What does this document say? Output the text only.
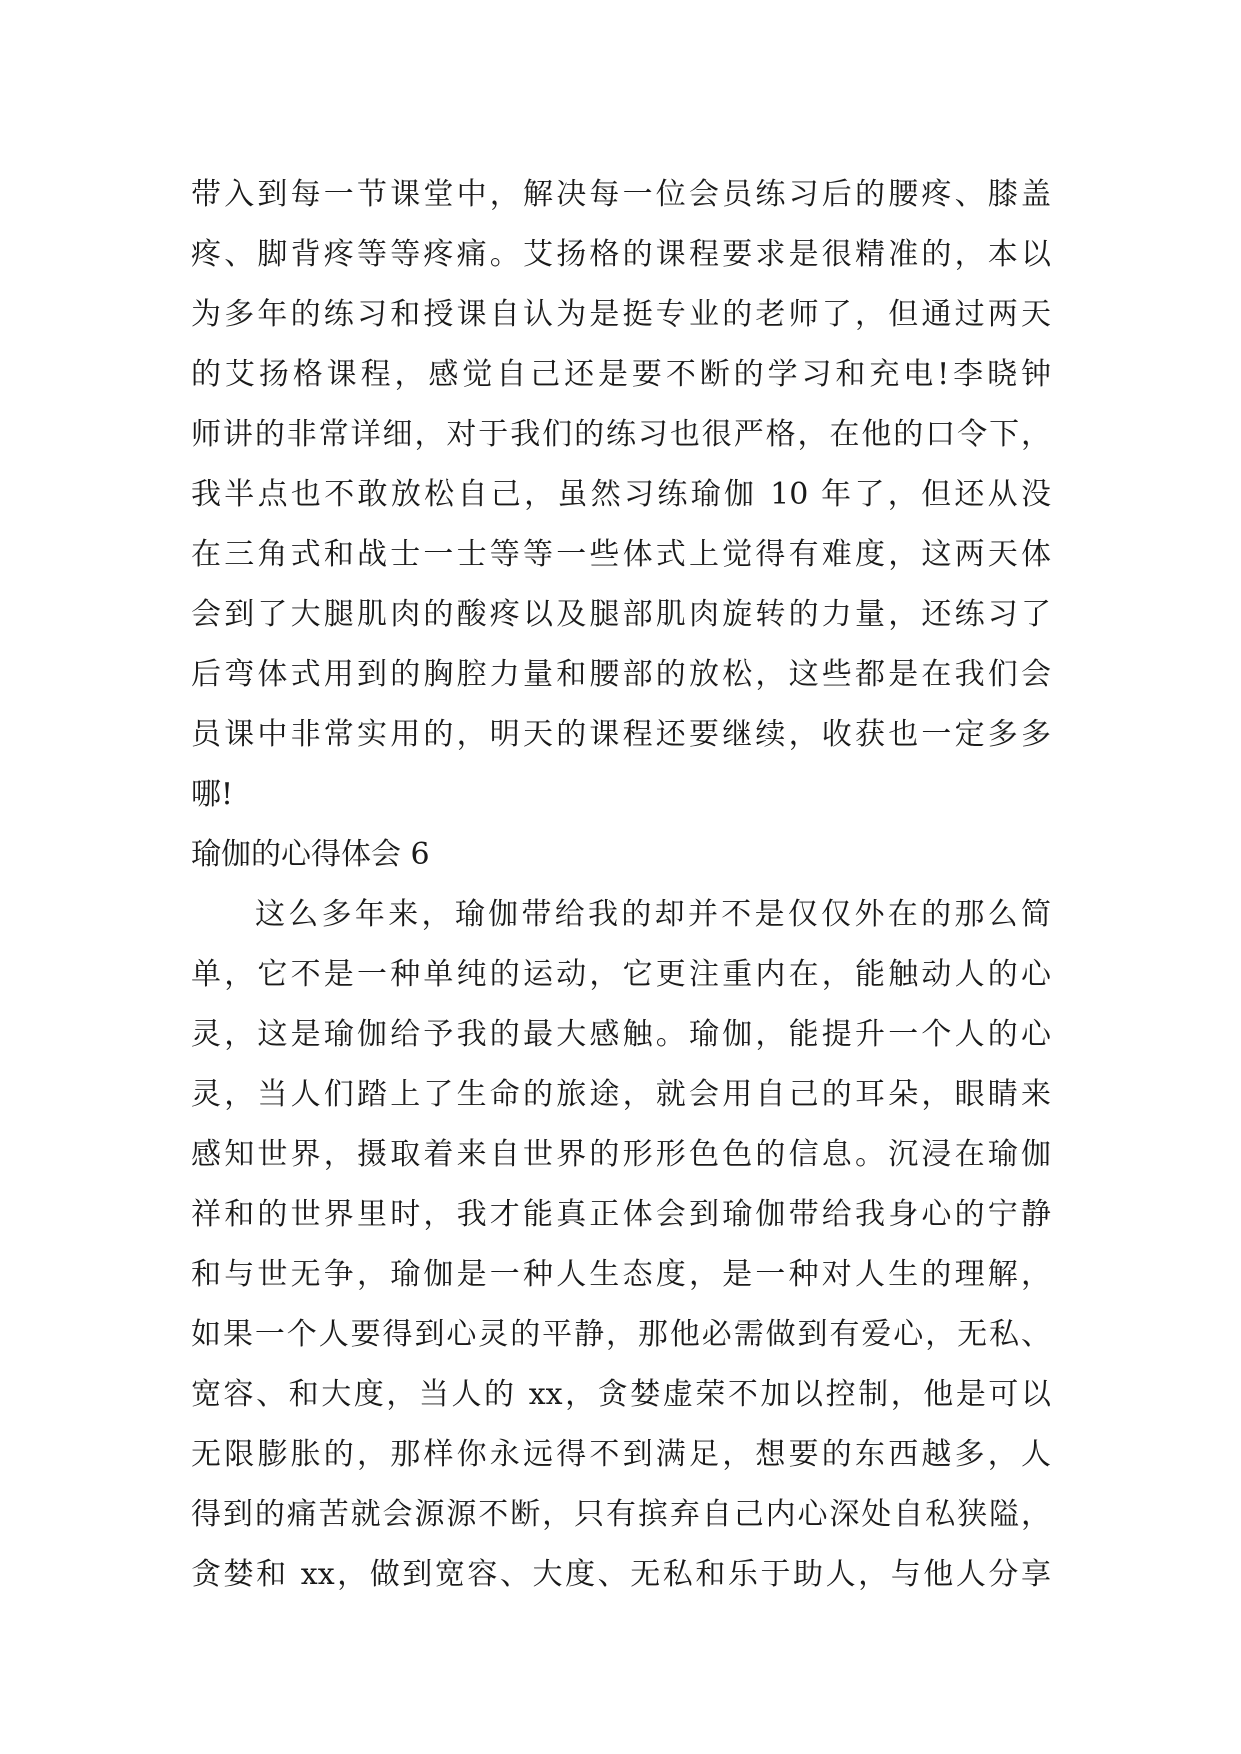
带入到每一节课堂中，解决每一位会员练习后的腰疼、膝盖
疼、脚背疼等等疼痛。艾扬格的课程要求是很精准的，本以
为多年的练习和授课自认为是挺专业的老师了，但通过两天
的艾扬格课程，感觉自己还是要不断的学习和充电!李晓钟
师讲的非常详细，对于我们的练习也很严格，在他的口令下，
我半点也不敢放松自己，虽然习练瑜伽 10 年了，但还从没
在三角式和战士一士等等一些体式上觉得有难度，这两天体
会到了大腿肌肉的酸疼以及腿部肌肉旋转的力量，还练习了
后弯体式用到的胸腔力量和腰部的放松，这些都是在我们会
员课中非常实用的，明天的课程还要继续，收获也一定多多
哪!
瑜伽的心得体会 6
这么多年来，瑜伽带给我的却并不是仅仅外在的那么简
单，它不是一种单纯的运动，它更注重内在，能触动人的心
灵，这是瑜伽给予我的最大感触。瑜伽，能提升一个人的心
灵，当人们踏上了生命的旅途，就会用自己的耳朵，眼睛来
感知世界，摄取着来自世界的形形色色的信息。沉浸在瑜伽
祥和的世界里时，我才能真正体会到瑜伽带给我身心的宁静
和与世无争，瑜伽是一种人生态度，是一种对人生的理解，
如果一个人要得到心灵的平静，那他必需做到有爱心，无私、
宽容、和大度，当人的 xx，贪婪虚荣不加以控制，他是可以
无限膨胀的，那样你永远得不到满足，想要的东西越多，人
得到的痛苦就会源源不断，只有摈弃自己内心深处自私狭隘，
贪婪和 xx，做到宽容、大度、无私和乐于助人，与他人分享
